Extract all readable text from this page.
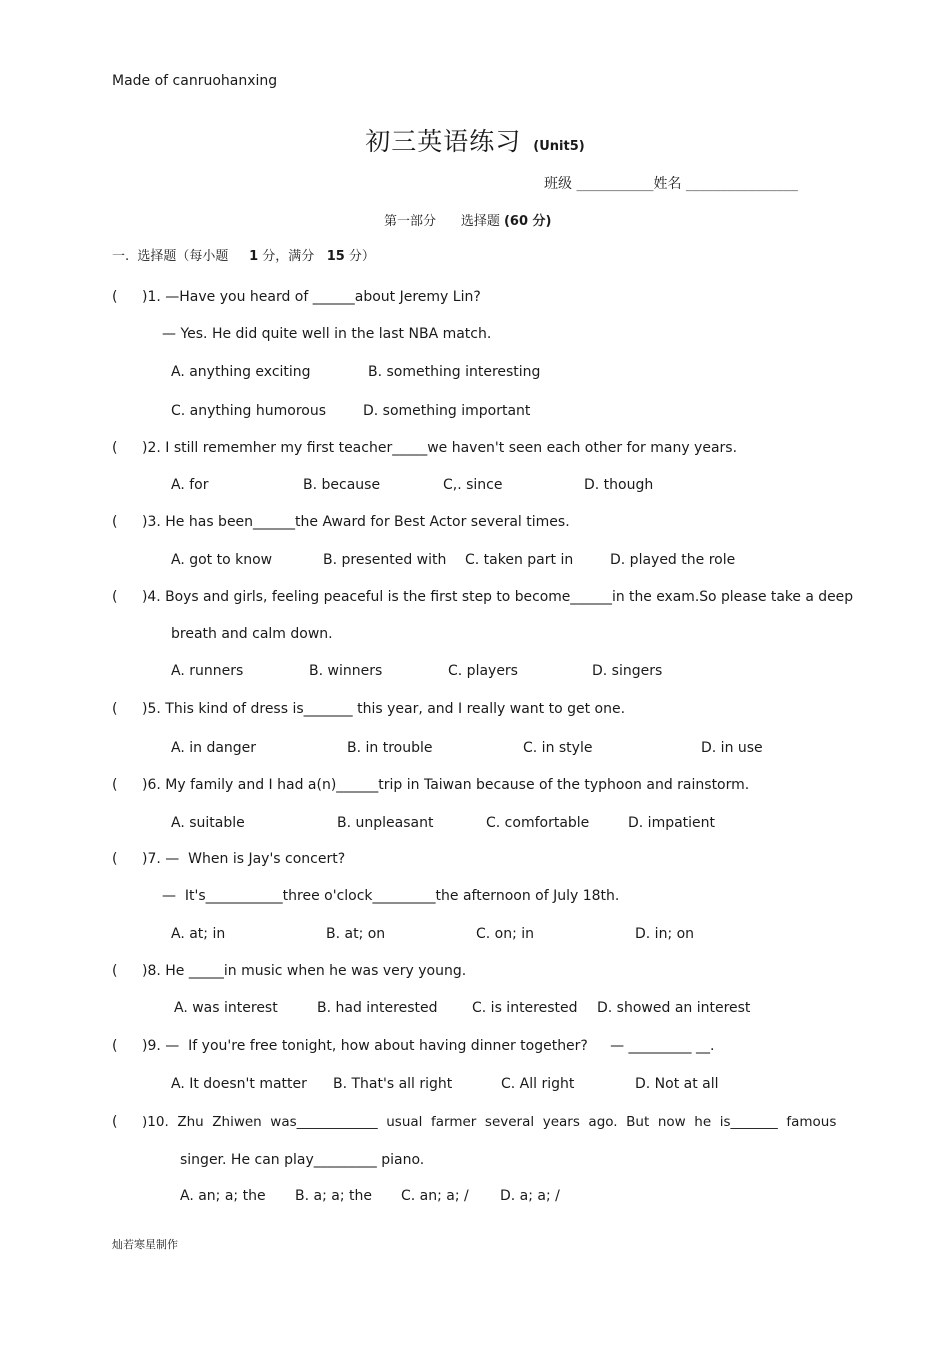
Made of canruohanxing
初三英语练习 (Unit5)
班级 ___________姓名 ________________
第一部分 选择题 (60 分)
一.  选择题（每小题 1 分，满分 15 分）
( )1. —Have you heard of ______about Jeremy Lin?
— Yes. He did quite well in the last NBA match.
A. anything exciting	B. something interesting
C. anything humorous	D. something important
( )2. I still rememher my first teacher_____we haven't seen each other for many years.
A. for	B. because	C,. since	D. though
( )3. He has been______the Award for Best Actor several times.
A. got to know	B. presented with C. taken part in	D. played the role
( )4. Boys and girls, feeling peaceful is the first step to become______in the exam.So please take a deep
breath and calm down.
A. runners	B. winners	C. players	D. singers
( )5. This kind of dress is_______ this year, and I really want to get one.
A. in danger	B. in trouble	C. in style	D. in use
( )6. My family and I had a(n)______trip in Taiwan because of the typhoon and rainstorm.
A. suitable	B. unpleasant	C. comfortable	D. impatient
( )7. —  When is Jay's concert?
—  It's___________three o'clock_________the afternoon of July 18th.
A. at; in	B. at; on	C. on; in	D. in; on
( )8. He _____in music when he was very young.
A. was interest	B. had interested C. is interested D. showed an interest
( )9. —  If you're free tonight, how about having dinner together?     — _________ __.
A. It doesn't matter B. That's all right	C. All right	D. Not at all
( )10.  Zhu  Zhiwen  was____________  usual  farmer  several  years  ago.  But  now  he  is_______  famous
singer. He can play_________ piano.
A. an; a; the B. a; a; the C. an; a; / D. a; a; /
灿若寒星制作
